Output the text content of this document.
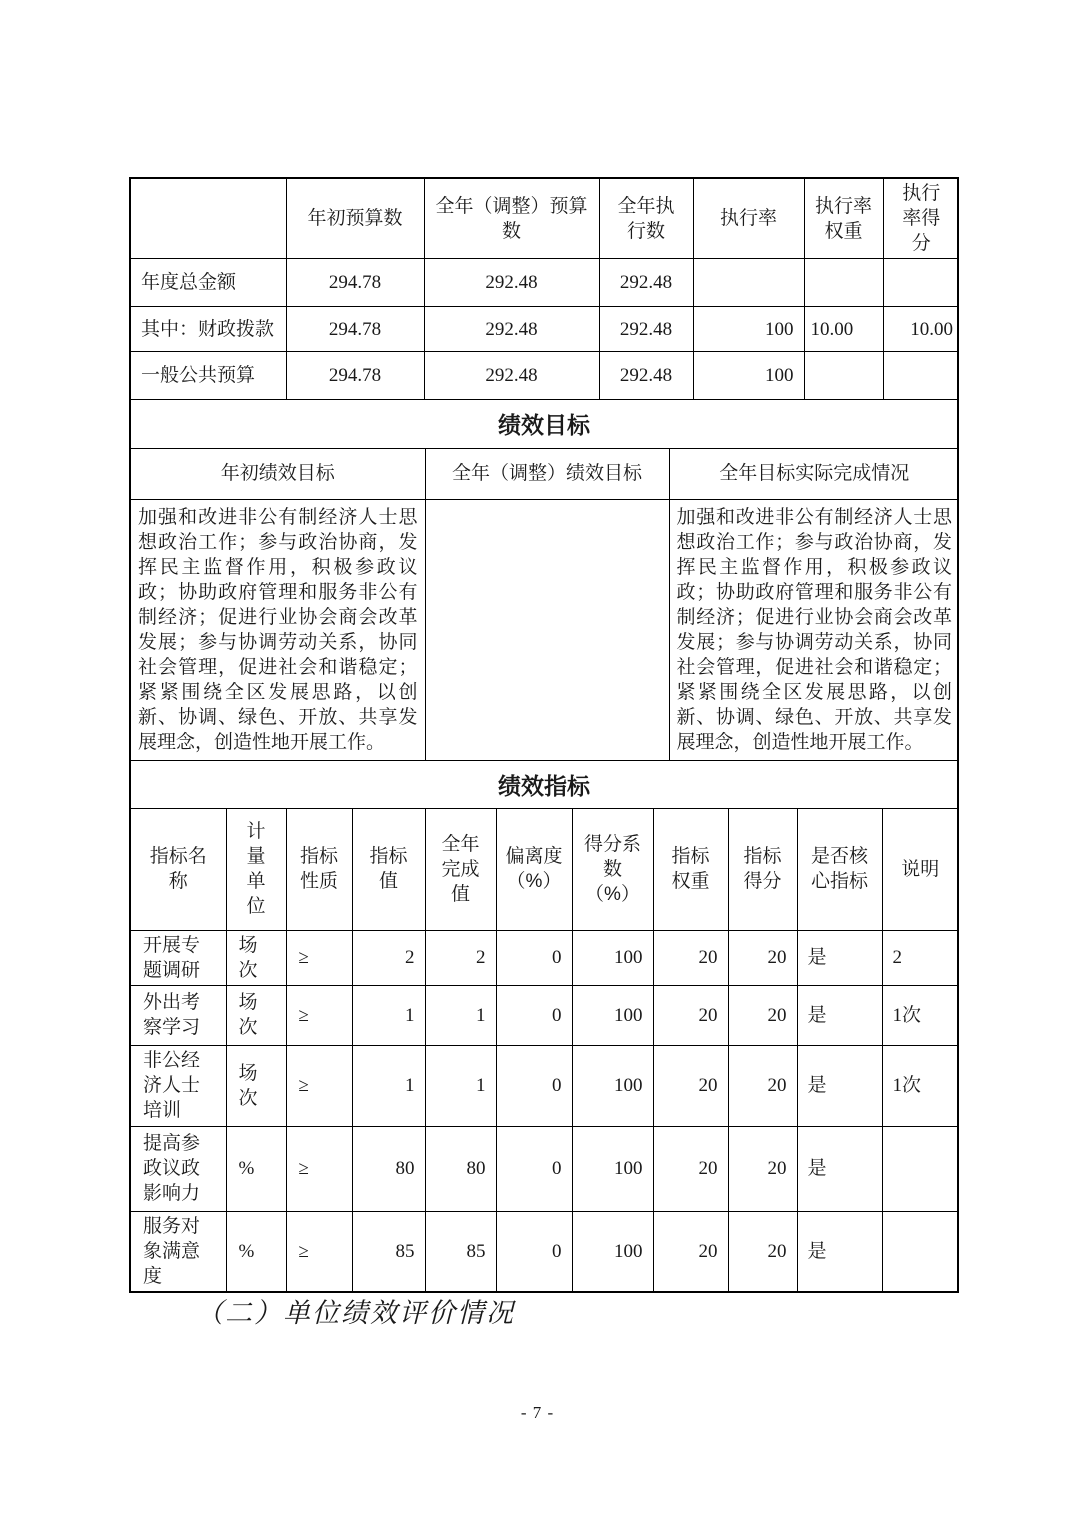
	年初预算数	全年（调整）预算数	全年执行数	执行率	执行率权重	执行率得分
年度总金额	294.78	292.48	292.48			
其中：财政拨款	294.78	292.48	292.48	100	10.00	10.00
一般公共预算	294.78	292.48	292.48	100		
绩效目标
年初绩效目标	全年（调整）绩效目标	全年目标实际完成情况
加强和改进非公有制经济人士思想政治工作；参与政治协商，发挥民主监督作用，积极参政议政；协助政府管理和服务非公有制经济；促进行业协会商会改革发展；参与协调劳动关系，协同社会管理，促进社会和谐稳定；紧紧围绕全区发展思路，以创新、协调、绿色、开放、共享发展理念，创造性地开展工作。		加强和改进非公有制经济人士思想政治工作；参与政治协商，发挥民主监督作用，积极参政议政；协助政府管理和服务非公有制经济；促进行业协会商会改革发展；参与协调劳动关系，协同社会管理，促进社会和谐稳定；紧紧围绕全区发展思路，以创新、协调、绿色、开放、共享发展理念，创造性地开展工作。
绩效指标
指标名称	计量单位	指标性质	指标值	全年完成值	偏离度（%）	得分系数（%）	指标权重	指标得分	是否核心指标	说明
开展专题调研	场次	≥	2	2	0	100	20	20	是	2
外出考察学习	场次	≥	1	1	0	100	20	20	是	1次
非公经济人士培训	场次	≥	1	1	0	100	20	20	是	1次
提高参政议政影响力	%	≥	80	80	0	100	20	20	是	
服务对象满意度	%	≥	85	85	0	100	20	20	是	
（二）单位绩效评价情况
- 7 -
